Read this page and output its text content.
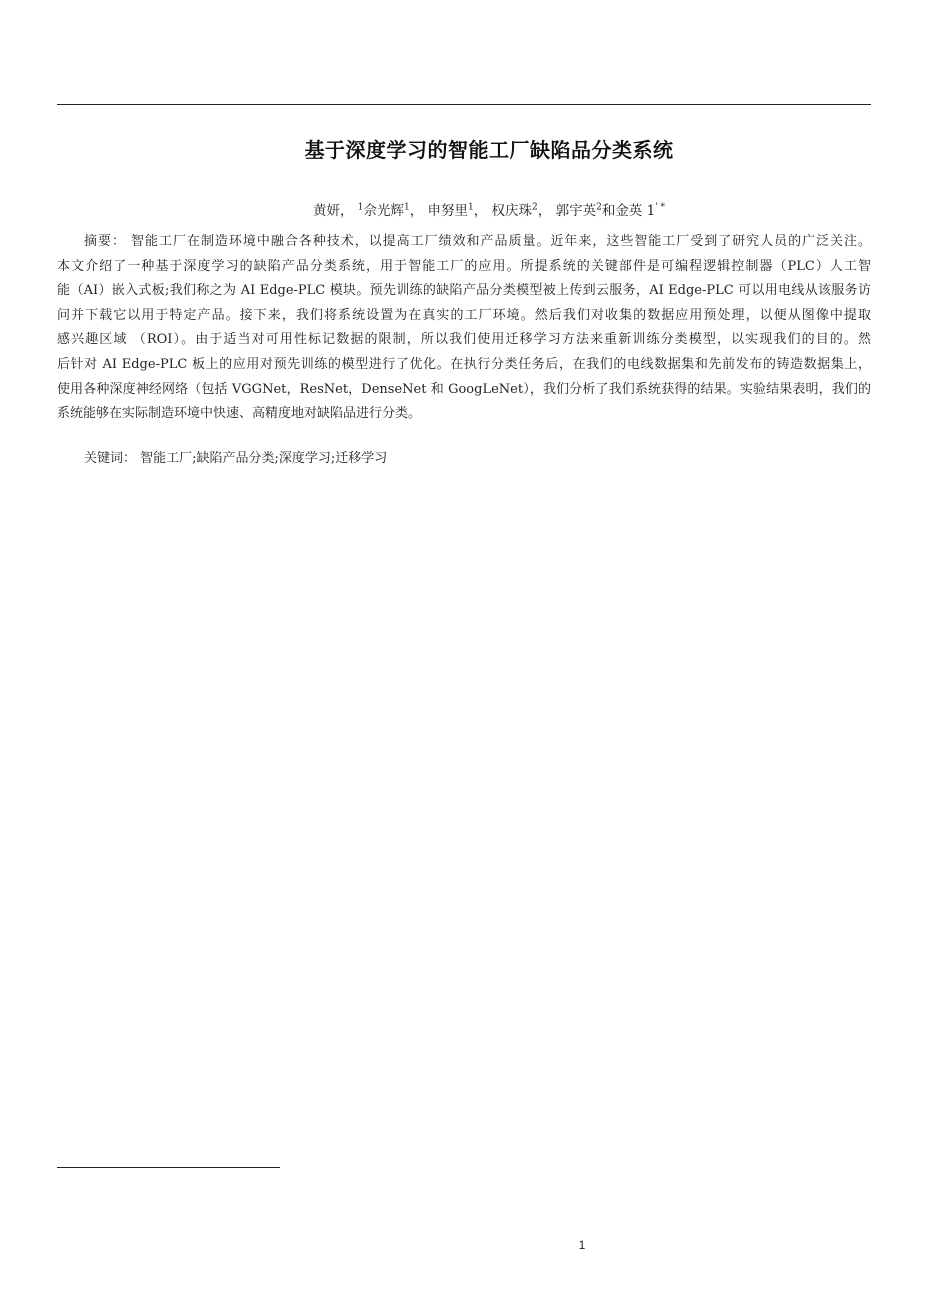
基于深度学习的智能工厂缺陷品分类系统
黄妍， $^1$佘光辉$^1$， 申努里$^1$， 权庆珠$^2$， 郭宇英$^2$和金英 1' *
摘要： 智能工厂在制造环境中融合各种技术，以提高工厂绩效和产品质量。近年来，这些智能工厂受到了研究人员的广泛关注。
本文介绍了一种基于深度学习的缺陷产品分类系统，用于智能工厂的应用。所提系统的关键部件是可编程逻辑控制器（PLC）人工智
能（AI）嵌入式板;我们称之为 AI Edge-PLC 模块。预先训练的缺陷产品分类模型被上传到云服务，AI Edge-PLC 可以用电线从该服务访
问并下载它以用于特定产品。接下来，我们将系统设置为在真实的工厂环境。然后我们对收集的数据应用预处理，以便从图像中提取
感兴趣区域 （ROI）。由于适当对可用性标记数据的限制，所以我们使用迁移学习方法来重新训练分类模型，以实现我们的目的。然
后针对 AI Edge-PLC 板上的应用对预先训练的模型进行了优化。在执行分类任务后，在我们的电线数据集和先前发布的铸造数据集上，
使用各种深度神经网络（包括 VGGNet，ResNet，DenseNet 和 GoogLeNet），我们分析了我们系统获得的结果。实验结果表明，我们的
系统能够在实际制造环境中快速、高精度地对缺陷品进行分类。
关键词： 智能工厂;缺陷产品分类;深度学习;迁移学习
1
